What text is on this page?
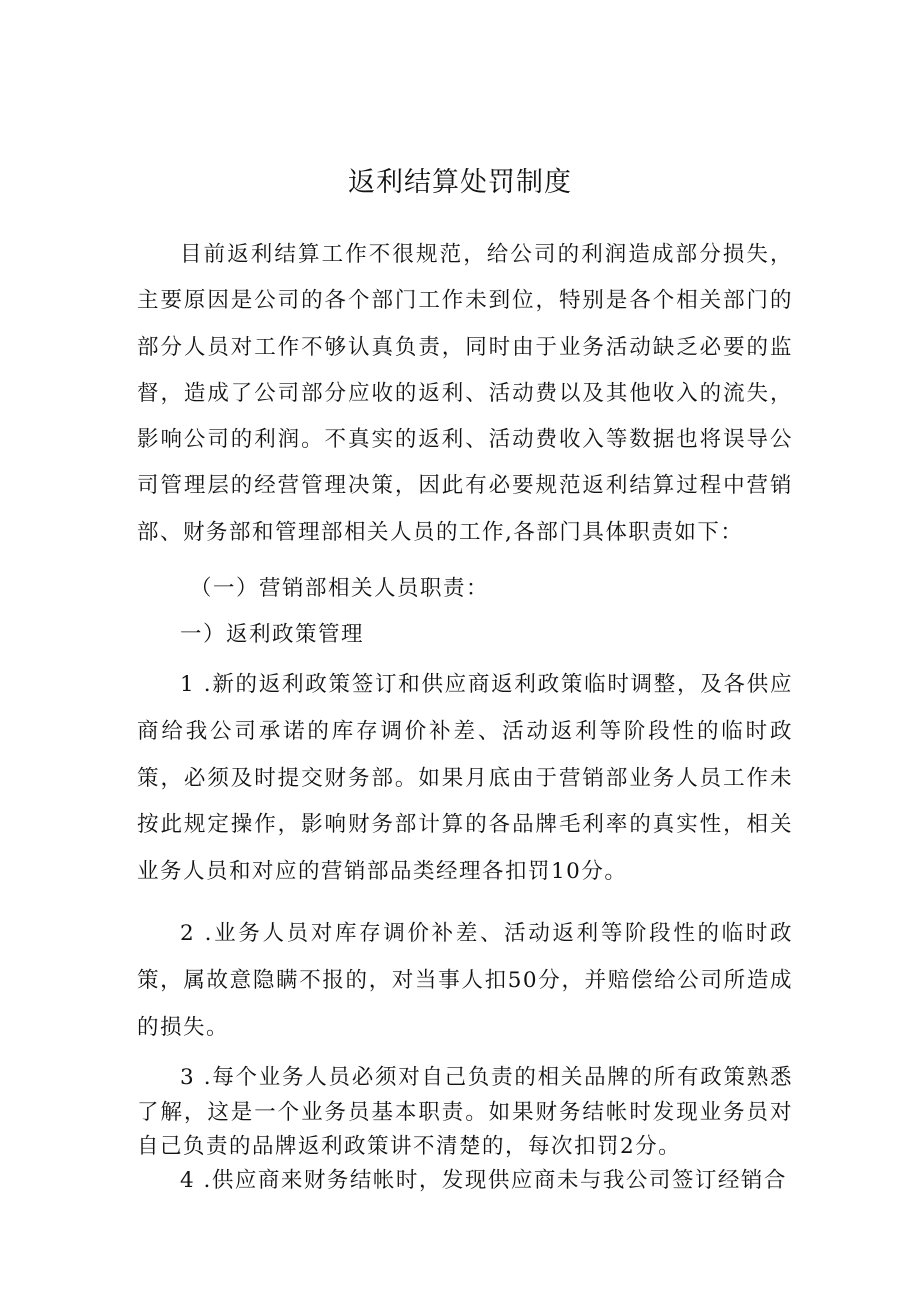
返利结算处罚制度
目前返利结算工作不很规范，给公司的利润造成部分损失，主要原因是公司的各个部门工作未到位，特别是各个相关部门的部分人员对工作不够认真负责，同时由于业务活动缺乏必要的监督，造成了公司部分应收的返利、活动费以及其他收入的流失，影响公司的利润。不真实的返利、活动费收入等数据也将误导公司管理层的经营管理决策，因此有必要规范返利结算过程中营销部、财务部和管理部相关人员的工作,各部门具体职责如下：
（一）营销部相关人员职责：
一）返利政策管理
1 .新的返利政策签订和供应商返利政策临时调整，及各供应商给我公司承诺的库存调价补差、活动返利等阶段性的临时政策，必须及时提交财务部。如果月底由于营销部业务人员工作未按此规定操作，影响财务部计算的各品牌毛利率的真实性，相关业务人员和对应的营销部品类经理各扣罚10分。
2 .业务人员对库存调价补差、活动返利等阶段性的临时政策，属故意隐瞒不报的，对当事人扣50分，并赔偿给公司所造成的损失。
3 .每个业务人员必须对自己负责的相关品牌的所有政策熟悉了解，这是一个业务员基本职责。如果财务结帐时发现业务员对自己负责的品牌返利政策讲不清楚的，每次扣罚2分。
4 .供应商来财务结帐时，发现供应商未与我公司签订经销合
